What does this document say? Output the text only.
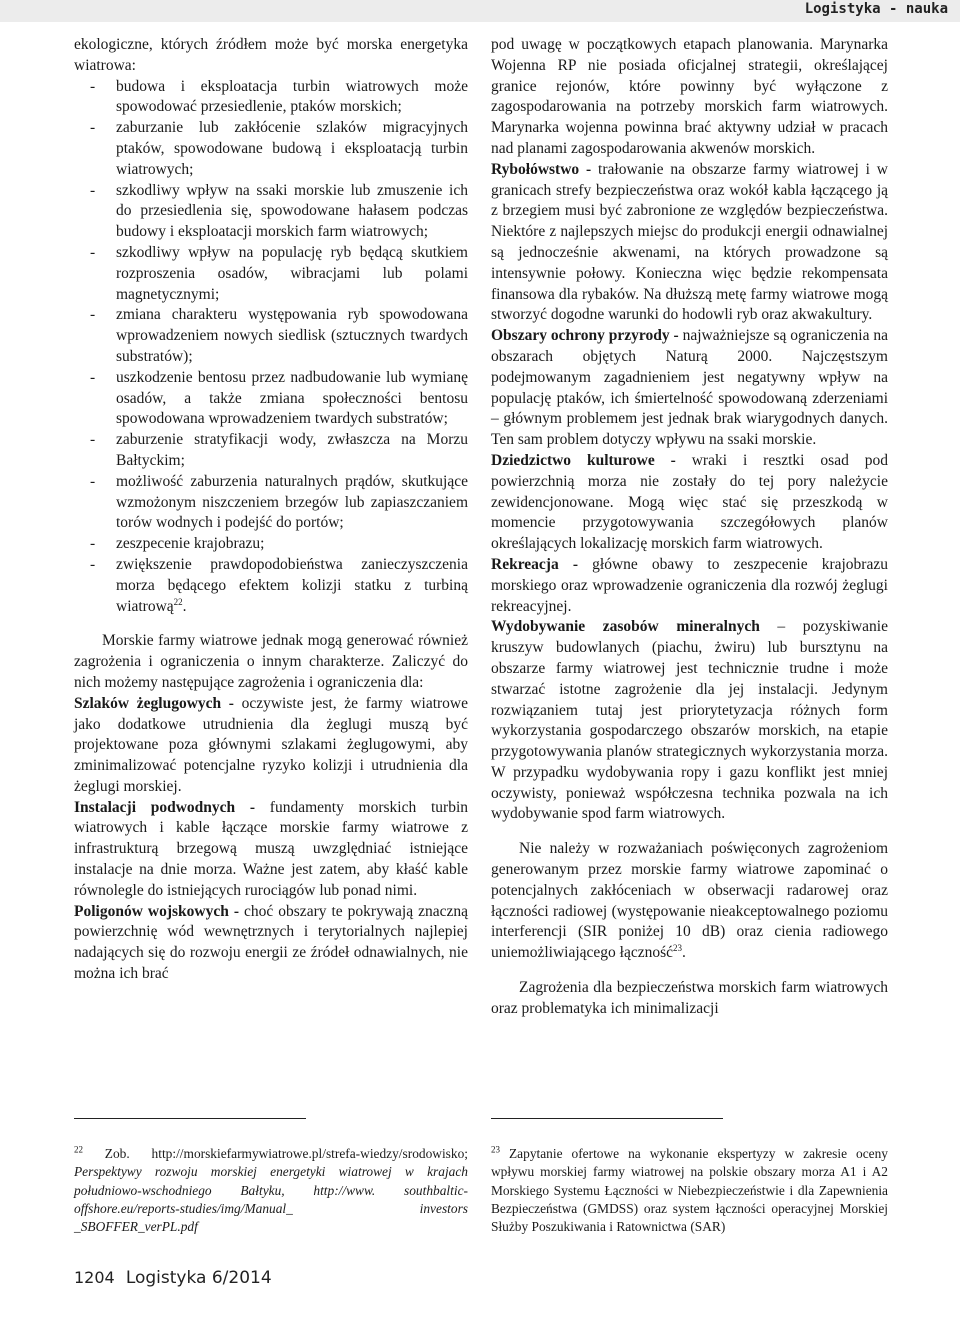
Logistyka - nauka

ekologiczne, których źródłem może być morska energetyka wiatrowa:

- budowa i eksploatacja turbin wiatrowych może spowodować przesiedlenie, ptaków morskich;
- zaburzanie lub zakłócenie szlaków migracyjnych ptaków, spowodowane budową i eksploatacją turbin wiatrowych;
- szkodliwy wpływ na ssaki morskie lub zmuszenie ich do przesiedlenia się, spowodowane hałasem podczas budowy i eksploatacji morskich farm wiatrowych;
- szkodliwy wpływ na populację ryb będącą skutkiem rozproszenia osadów, wibracjami lub polami magnetycznymi;
- zmiana charakteru występowania ryb spowodowana wprowadzeniem nowych siedlisk (sztucznych twardych substratów);
- uszkodzenie bentosu przez nadbudowanie lub wymianę osadów, a także zmiana społeczności bentosu spowodowana wprowadzeniem twardych substratów;
- zaburzenie stratyfikacji wody, zwłaszcza na Morzu Bałtyckim;
- możliwość zaburzenia naturalnych prądów, skutkujące wzmożonym niszczeniem brzegów lub zapiaszczaniem torów wodnych i podejść do portów;
- zeszpecenie krajobrazu;
- zwiększenie prawdopodobieństwa zanieczyszczenia morza będącego efektem kolizji statku z turbiną wiatrową$^{22}$.

Morskie farmy wiatrowe jednak mogą generować również zagrożenia i ograniczenia o innym charakterze. Zaliczyć do nich możemy następujące zagrożenia i ograniczenia dla:

Szlaków żeglugowych - oczywiste jest, że farmy wiatrowe jako dodatkowe utrudnienia dla żeglugi muszą być projektowane poza głównymi szlakami żeglugowymi, aby zminimalizować potencjalne ryzyko kolizji i utrudnienia dla żeglugi morskiej.

Instalacji podwodnych - fundamenty morskich turbin wiatrowych i kable łączące morskie farmy wiatrowe z infrastrukturą brzegową muszą uwzględniać istniejące instalacje na dnie morza. Ważne jest zatem, aby kłaść kable równolegle do istniejących rurociągów lub ponad nimi.

Poligonów wojskowych - choć obszary te pokrywają znaczną powierzchnię wód wewnętrznych i terytorialnych najlepiej nadających się do rozwoju energii ze źródeł odnawialnych, nie można ich brać

pod uwagę w początkowych etapach planowania. Marynarka Wojenna RP nie posiada oficjalnej strategii, określającej granice rejonów, które powinny być wyłączone z zagospodarowania na potrzeby morskich farm wiatrowych. Marynarka wojenna powinna brać aktywny udział w pracach nad planami zagospodarowania akwenów morskich.

Rybołówstwo - trałowanie na obszarze farmy wiatrowej i w granicach strefy bezpieczeństwa oraz wokół kabla łączącego ją z brzegiem musi być zabronione ze względów bezpieczeństwa. Niektóre z najlepszych miejsc do produkcji energii odnawialnej są jednocześnie akwenami, na których prowadzone są intensywnie połowy. Konieczna więc będzie rekompensata finansowa dla rybaków. Na dłuższą metę farmy wiatrowe mogą stworzyć dogodne warunki do hodowli ryb oraz akwakultury.

Obszary ochrony przyrody - najważniejsze są ograniczenia na obszarach objętych Naturą 2000. Najczęstszym podejmowanym zagadnieniem jest negatywny wpływ na populację ptaków, ich śmiertelność spowodowaną zderzeniami – głównym problemem jest jednak brak wiarygodnych danych. Ten sam problem dotyczy wpływu na ssaki morskie.

Dziedzictwo kulturowe - wraki i resztki osad pod powierzchnią morza nie zostały do tej pory należycie zewidencjonowane. Mogą więc stać się przeszkodą w momencie przygotowywania szczegółowych planów określających lokalizację morskich farm wiatrowych.

Rekreacja - główne obawy to zeszpecenie krajobrazu morskiego oraz wprowadzenie ograniczenia dla rozwój żeglugi rekreacyjnej.

Wydobywanie zasobów mineralnych – pozyskiwanie kruszyw budowlanych (piachu, żwiru) lub bursztynu na obszarze farmy wiatrowej jest technicznie trudne i może stwarzać istotne zagrożenie dla jej instalacji. Jedynym rozwiązaniem tutaj jest priorytetyzacja różnych form wykorzystania gospodarczego obszarów morskich, na etapie przygotowywania planów strategicznych wykorzystania morza. W przypadku wydobywania ropy i gazu konflikt jest mniej oczywisty, ponieważ współczesna technika pozwala na ich wydobywanie spod farm wiatrowych.

Nie należy w rozważaniach poświęconych zagrożeniom generowanym przez morskie farmy wiatrowe zapominać o potencjalnych zakłóceniach w obserwacji radarowej oraz łączności radiowej (występowanie nieakceptowalnego poziomu interferencji (SIR poniżej 10 dB) oraz cienia radiowego uniemożliwiającego łączność$^{23}$.

Zagrożenia dla bezpieczeństwa morskich farm wiatrowych oraz problematyka ich minimalizacji

$^{22}$ Zob. http://morskiefarmywiatrowe.pl/strefa-wiedzy/srodowisko; Perspektywy rozwoju morskiej energetyki wiatrowej w krajach południowo-wschodniego Bałtyku, http://www. southbaltic-offshore.eu/reports-studies/img/Manual_ investors _SBOFFER_verPL.pdf
$^{23}$ Zapytanie ofertowe na wykonanie ekspertyzy w zakresie oceny wpływu morskiej farmy wiatrowej na polskie obszary morza A1 i A2 Morskiego Systemu Łączności w Niebezpieczeństwie i dla Zapewnienia Bezpieczeństwa (GMDSS) oraz system łączności operacyjnej Morskiej Służby Poszukiwania i Ratownictwa (SAR)
1204 Logistyka 6/2014
